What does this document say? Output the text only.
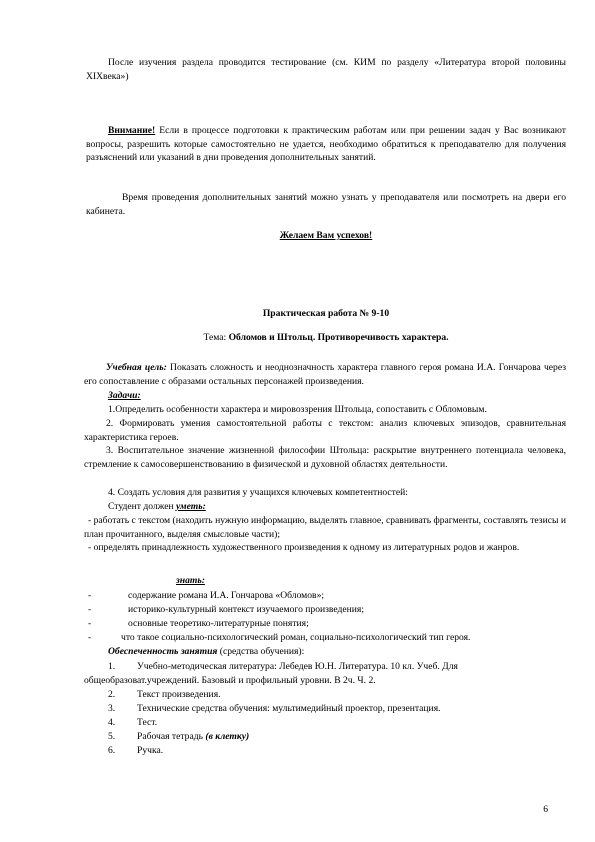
После изучения раздела проводится тестирование (см. КИМ по разделу «Литература второй половины XIXвека»)

Внимание! Если в процессе подготовки к практическим работам или при решении задач у Вас возникают вопросы, разрешить которые самостоятельно не удается, необходимо обратиться к преподавателю для получения разъяснений или указаний в дни проведения дополнительных занятий.

Время проведения дополнительных занятий можно узнать у преподавателя или посмотреть на двери его кабинета.

Желаем Вам успехов!

Практическая работа № 9-10

Тема: Обломов и Штольц. Противоречивость характера.

Учебная цель: Показать сложность и неоднозначность характера главного героя романа И.А. Гончарова через его сопоставление с образами остальных персонажей произведения.

Задачи:

1.Определить особенности характера и мировоззрения Штольца, сопоставить с Обломовым.

2. Формировать умения самостоятельной работы с текстом: анализ ключевых эпизодов, сравнительная характеристика героев.

3. Воспитательное значение жизненной философии Штольца: раскрытие внутреннего потенциала человека, стремление к самосовершенствованию в физической и духовной областях деятельности.

4. Создать условия для развития у учащихся ключевых компетентностей:

Студент должен уметь:

- работать с текстом (находить нужную информацию, выделять главное, сравнивать фрагменты, составлять тезисы и план прочитанного, выделяя смысловые части);

- определять принадлежность художественного произведения к одному из литературных родов и жанров.

знать:

-	содержание романа И.А. Гончарова «Обломов»;
-	историко-культурный контекст изучаемого произведения;
-	основные теоретико-литературные понятия;
-	что такое социально-психологический роман, социально-психологический тип героя.

Обеспеченность занятия (средства обучения):

1. Учебно-методическая литература: Лебедев Ю.Н. Литература. 10 кл. Учеб. Для
общеобразоват.учреждений. Базовый и профильный уровни. В 2ч. Ч. 2.
2. Текст произведения.
3. Технические средства обучения: мультимедийный проектор, презентация.
4. Тест.
5. Рабочая тетрадь (в клетку)
6. Ручка.
6
